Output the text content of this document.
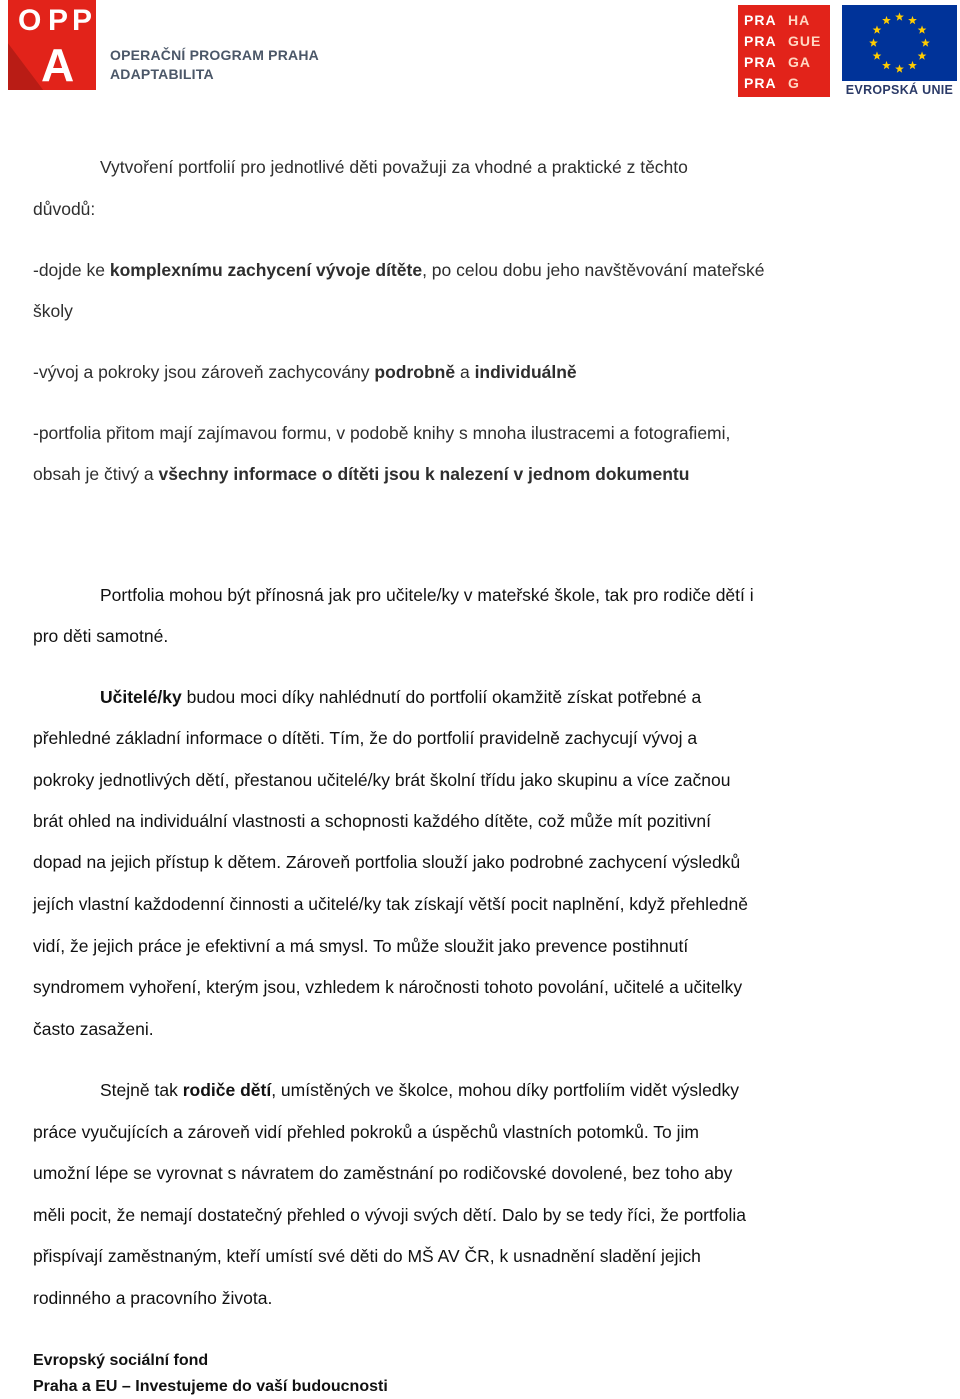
O P P
A	OPERAČNÍ PROGRAM PRAHA
ADAPTABILITA
PRA HA
PRA GUE
PRA GA
PRA G	EVROPSKÁ UNIE
Vytvoření portfolií pro jednotlivé děti považuji za vhodné a praktické z těchto
důvodů:
-dojde ke komplexnímu zachycení vývoje dítěte, po celou dobu jeho navštěvování mateřské
školy
-vývoj a pokroky jsou zároveň zachycovány podrobně a individuálně
-portfolia přitom mají zajímavou formu, v podobě knihy s mnoha ilustracemi a fotografiemi,
obsah je čtivý a všechny informace o dítěti jsou k nalezení v jednom dokumentu
Portfolia mohou být přínosná jak pro učitele/ky v mateřské škole, tak pro rodiče dětí i
pro děti samotné.
Učitelé/ky budou moci díky nahlédnutí do portfolií okamžitě získat potřebné a
přehledné základní informace o dítěti. Tím, že do portfolií pravidelně zachycují vývoj a
pokroky jednotlivých dětí, přestanou učitelé/ky brát školní třídu jako skupinu a více začnou
brát ohled na individuální vlastnosti a schopnosti každého dítěte, což může mít pozitivní
dopad na jejich přístup k dětem. Zároveň portfolia slouží jako podrobné zachycení výsledků
jejích vlastní každodenní činnosti a učitelé/ky tak získají větší pocit naplnění, když přehledně
vidí, že jejich práce je efektivní a má smysl. To může sloužit jako prevence postihnutí
syndromem vyhoření, kterým jsou, vzhledem k náročnosti tohoto povolání, učitelé a učitelky
často zasaženi.
Stejně tak rodiče dětí, umístěných ve školce, mohou díky portfoliím vidět výsledky
práce vyučujících a zároveň vidí přehled pokroků a úspěchů vlastních potomků. To jim
umožní lépe se vyrovnat s návratem do zaměstnání po rodičovské dovolené, bez toho aby
měli pocit, že nemají dostatečný přehled o vývoji svých dětí. Dalo by se tedy říci, že portfolia
přispívají zaměstnaným, kteří umístí své děti do MŠ AV ČR, k usnadnění sladění jejich
rodinného a pracovního života.
Evropský sociální fond
Praha a EU – Investujeme do vaší budoucnosti
